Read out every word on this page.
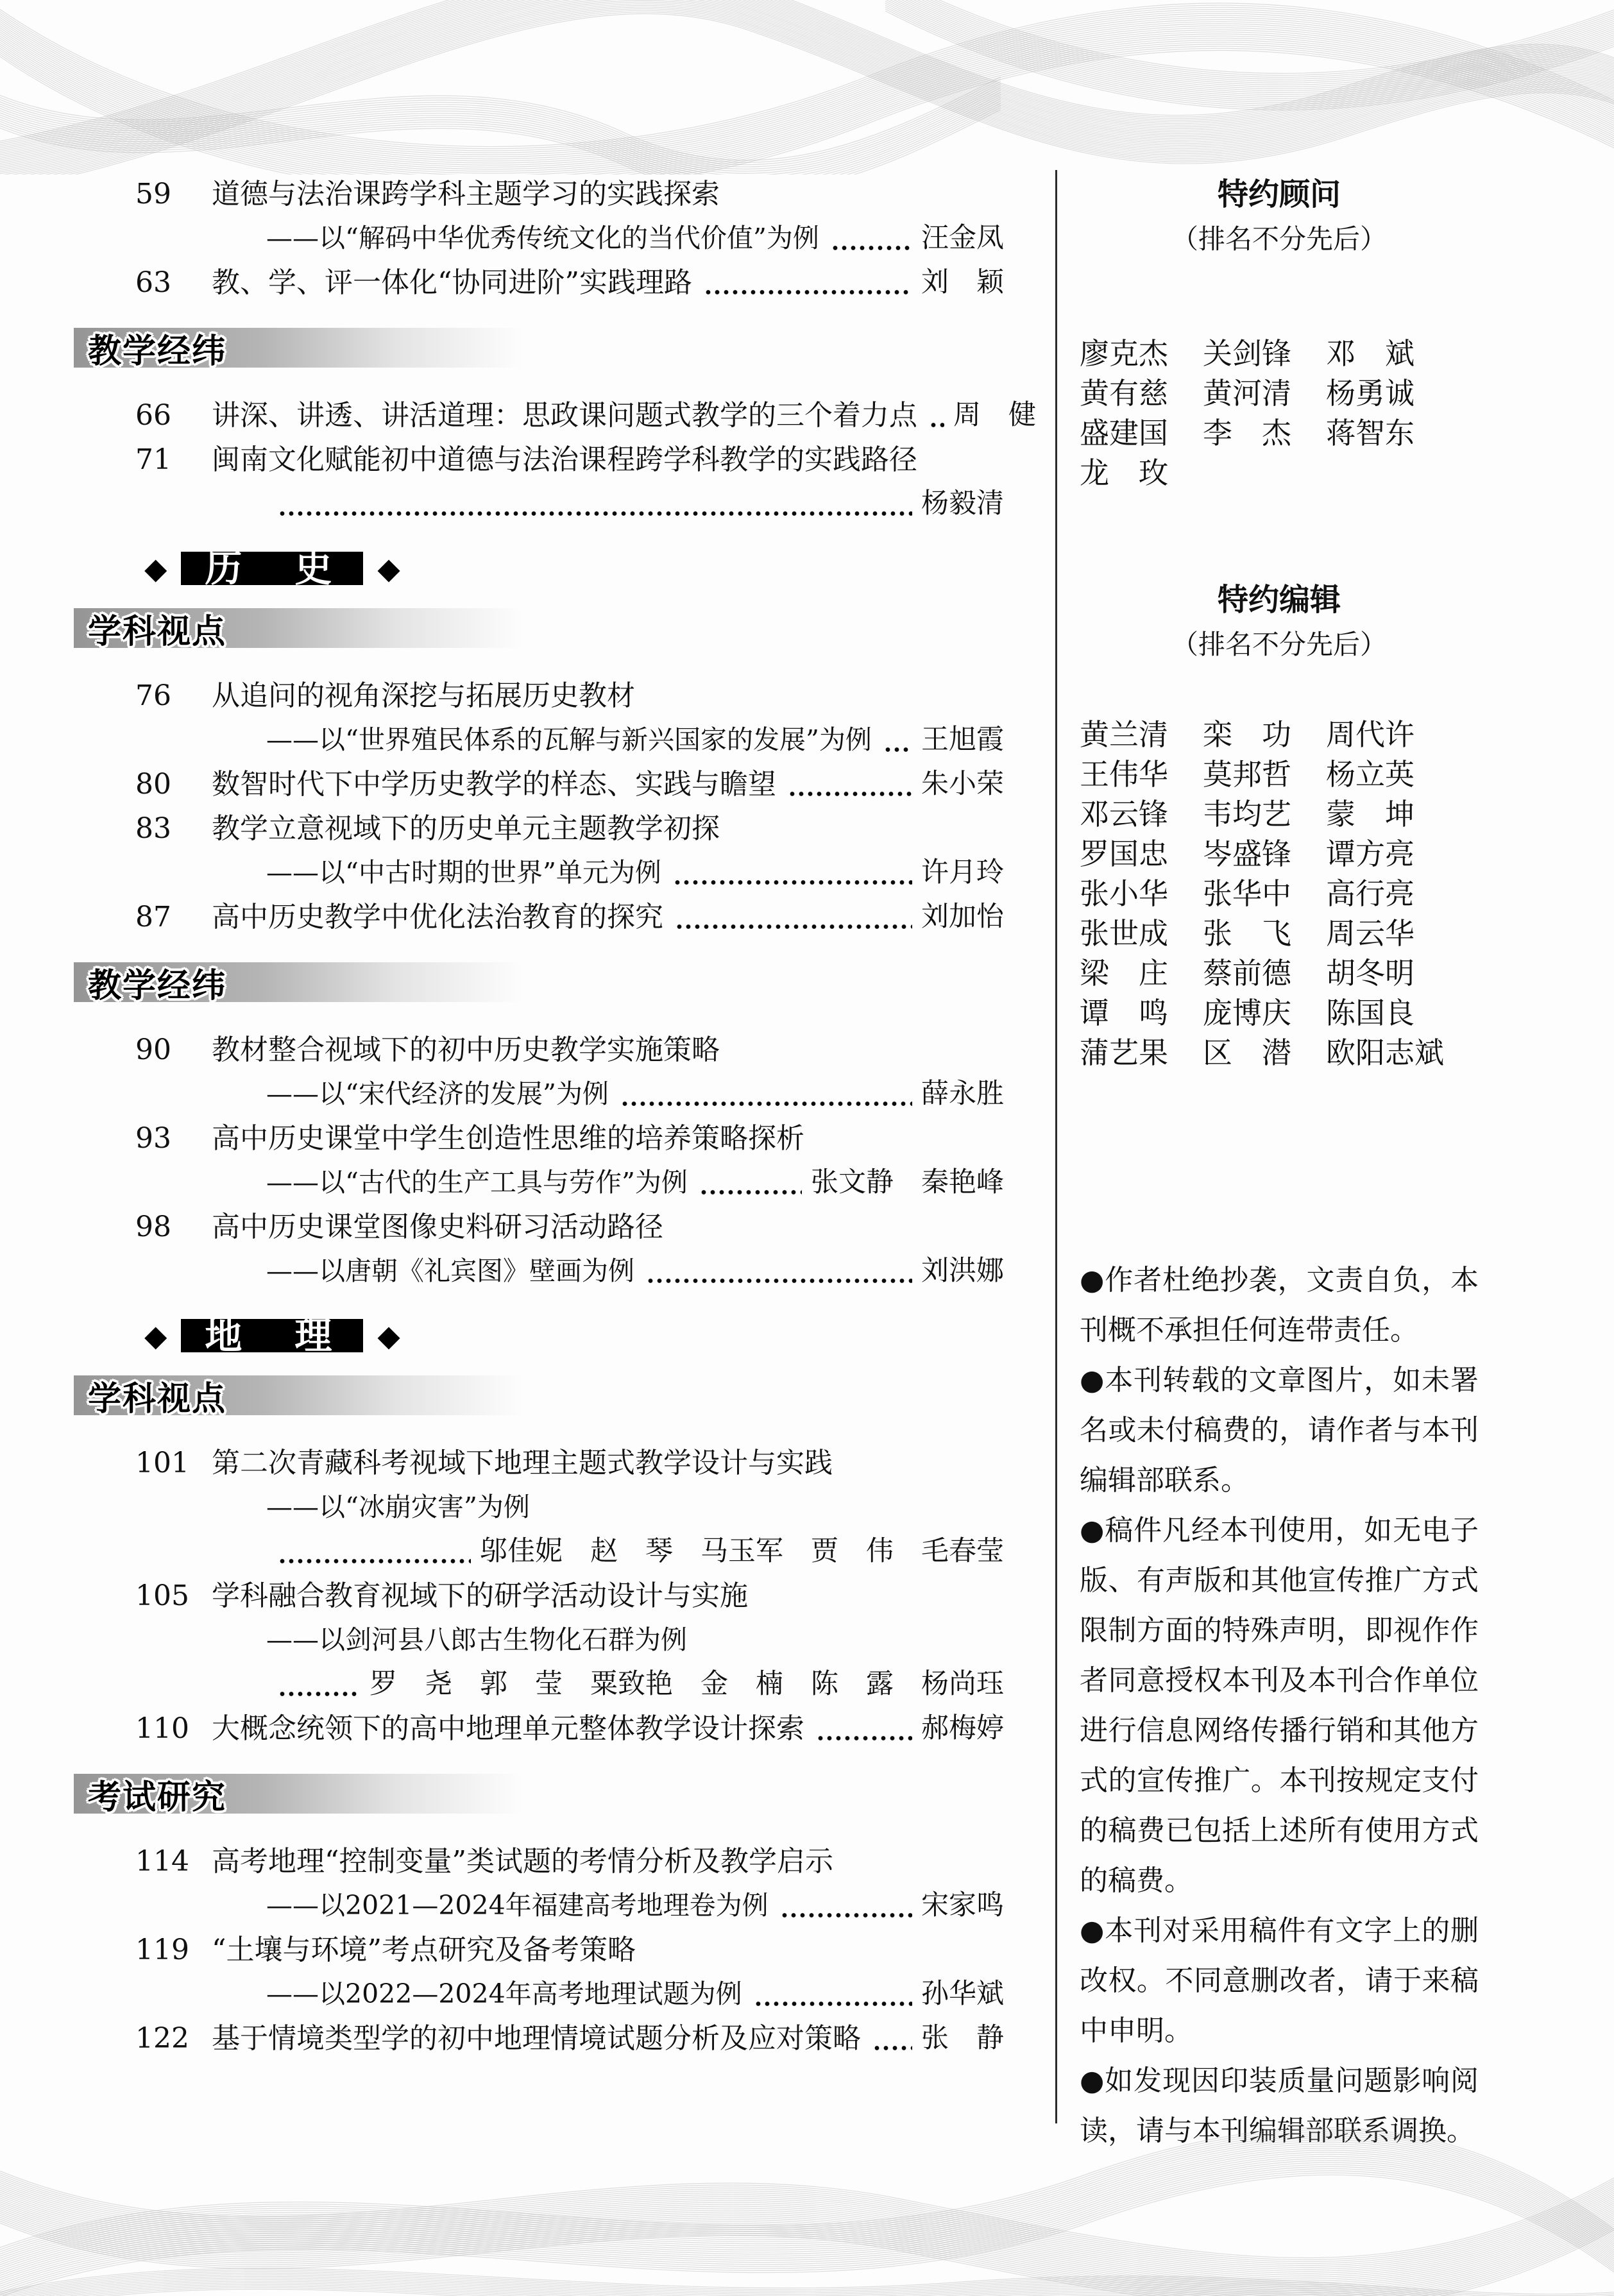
59	道德与法治课跨学科主题学习的实践探索
——以“解码中华优秀传统文化的当代价值”为例	汪金凤
63	教、学、评一体化“协同进阶”实践理路	刘　颖
教学经纬
66	讲深、讲透、讲活道理：思政课问题式教学的三个着力点 周　健
71	闽南文化赋能初中道德与法治课程跨学科教学的实践路径
杨毅清
◆	历　史	◆
学科视点
76	从追问的视角深挖与拓展历史教材
——以“世界殖民体系的瓦解与新兴国家的发展”为例 王旭霞
80	数智时代下中学历史教学的样态、实践与瞻望	朱小荣
83	教学立意视域下的历史单元主题教学初探
——以“中古时期的世界”单元为例	许月玲
87	高中历史教学中优化法治教育的探究	刘加怡
教学经纬
90	教材整合视域下的初中历史教学实施策略
——以“宋代经济的发展”为例	薛永胜
93	高中历史课堂中学生创造性思维的培养策略探析
——以“古代的生产工具与劳作”为例	张文静　秦艳峰
98	高中历史课堂图像史料研习活动路径
——以唐朝《礼宾图》壁画为例	刘洪娜
◆	地　理	◆
学科视点
101 第二次青藏科考视域下地理主题式教学设计与实践
——以“冰崩灾害”为例
邬佳妮　赵　琴　马玉军　贾　伟　毛春莹
105 学科融合教育视域下的研学活动设计与实施
——以剑河县八郎古生物化石群为例
罗　尧　郭　莹　粟致艳　金　楠　陈　露　杨尚珏
110 大概念统领下的高中地理单元整体教学设计探索	郝梅婷
考试研究
114 高考地理“控制变量”类试题的考情分析及教学启示
——以2021—2024年福建高考地理卷为例	宋家鸣
119 “土壤与环境”考点研究及备考策略
——以2022—2024年高考地理试题为例	孙华斌
122 基于情境类型学的初中地理情境试题分析及应对策略 张　静
特约顾问
（排名不分先后）
廖克杰	关剑锋	邓　斌
黄有慈	黄河清	杨勇诚
盛建国	李　杰	蒋智东
龙　玫
特约编辑
（排名不分先后）
黄兰清	栾　功	周代许
王伟华	莫邦哲	杨立英
邓云锋	韦均艺	蒙　坤
罗国忠	岑盛锋	谭方亮
张小华	张华中	高行亮
张世成	张　飞	周云华
梁　庄	蔡前德	胡冬明
谭　鸣	庞博庆	陈国良
蒲艺果	区　潜	欧阳志斌

●作者杜绝抄袭，文责自负，本刊概不承担任何连带责任。

●本刊转载的文章图片，如未署名或未付稿费的，请作者与本刊编辑部联系。

●稿件凡经本刊使用，如无电子版、有声版和其他宣传推广方式限制方面的特殊声明，即视作作者同意授权本刊及本刊合作单位进行信息网络传播行销和其他方式的宣传推广。本刊按规定支付的稿费已包括上述所有使用方式的稿费。

●本刊对采用稿件有文字上的删改权。不同意删改者，请于来稿中申明。

●如发现因印装质量问题影响阅读，请与本刊编辑部联系调换。
